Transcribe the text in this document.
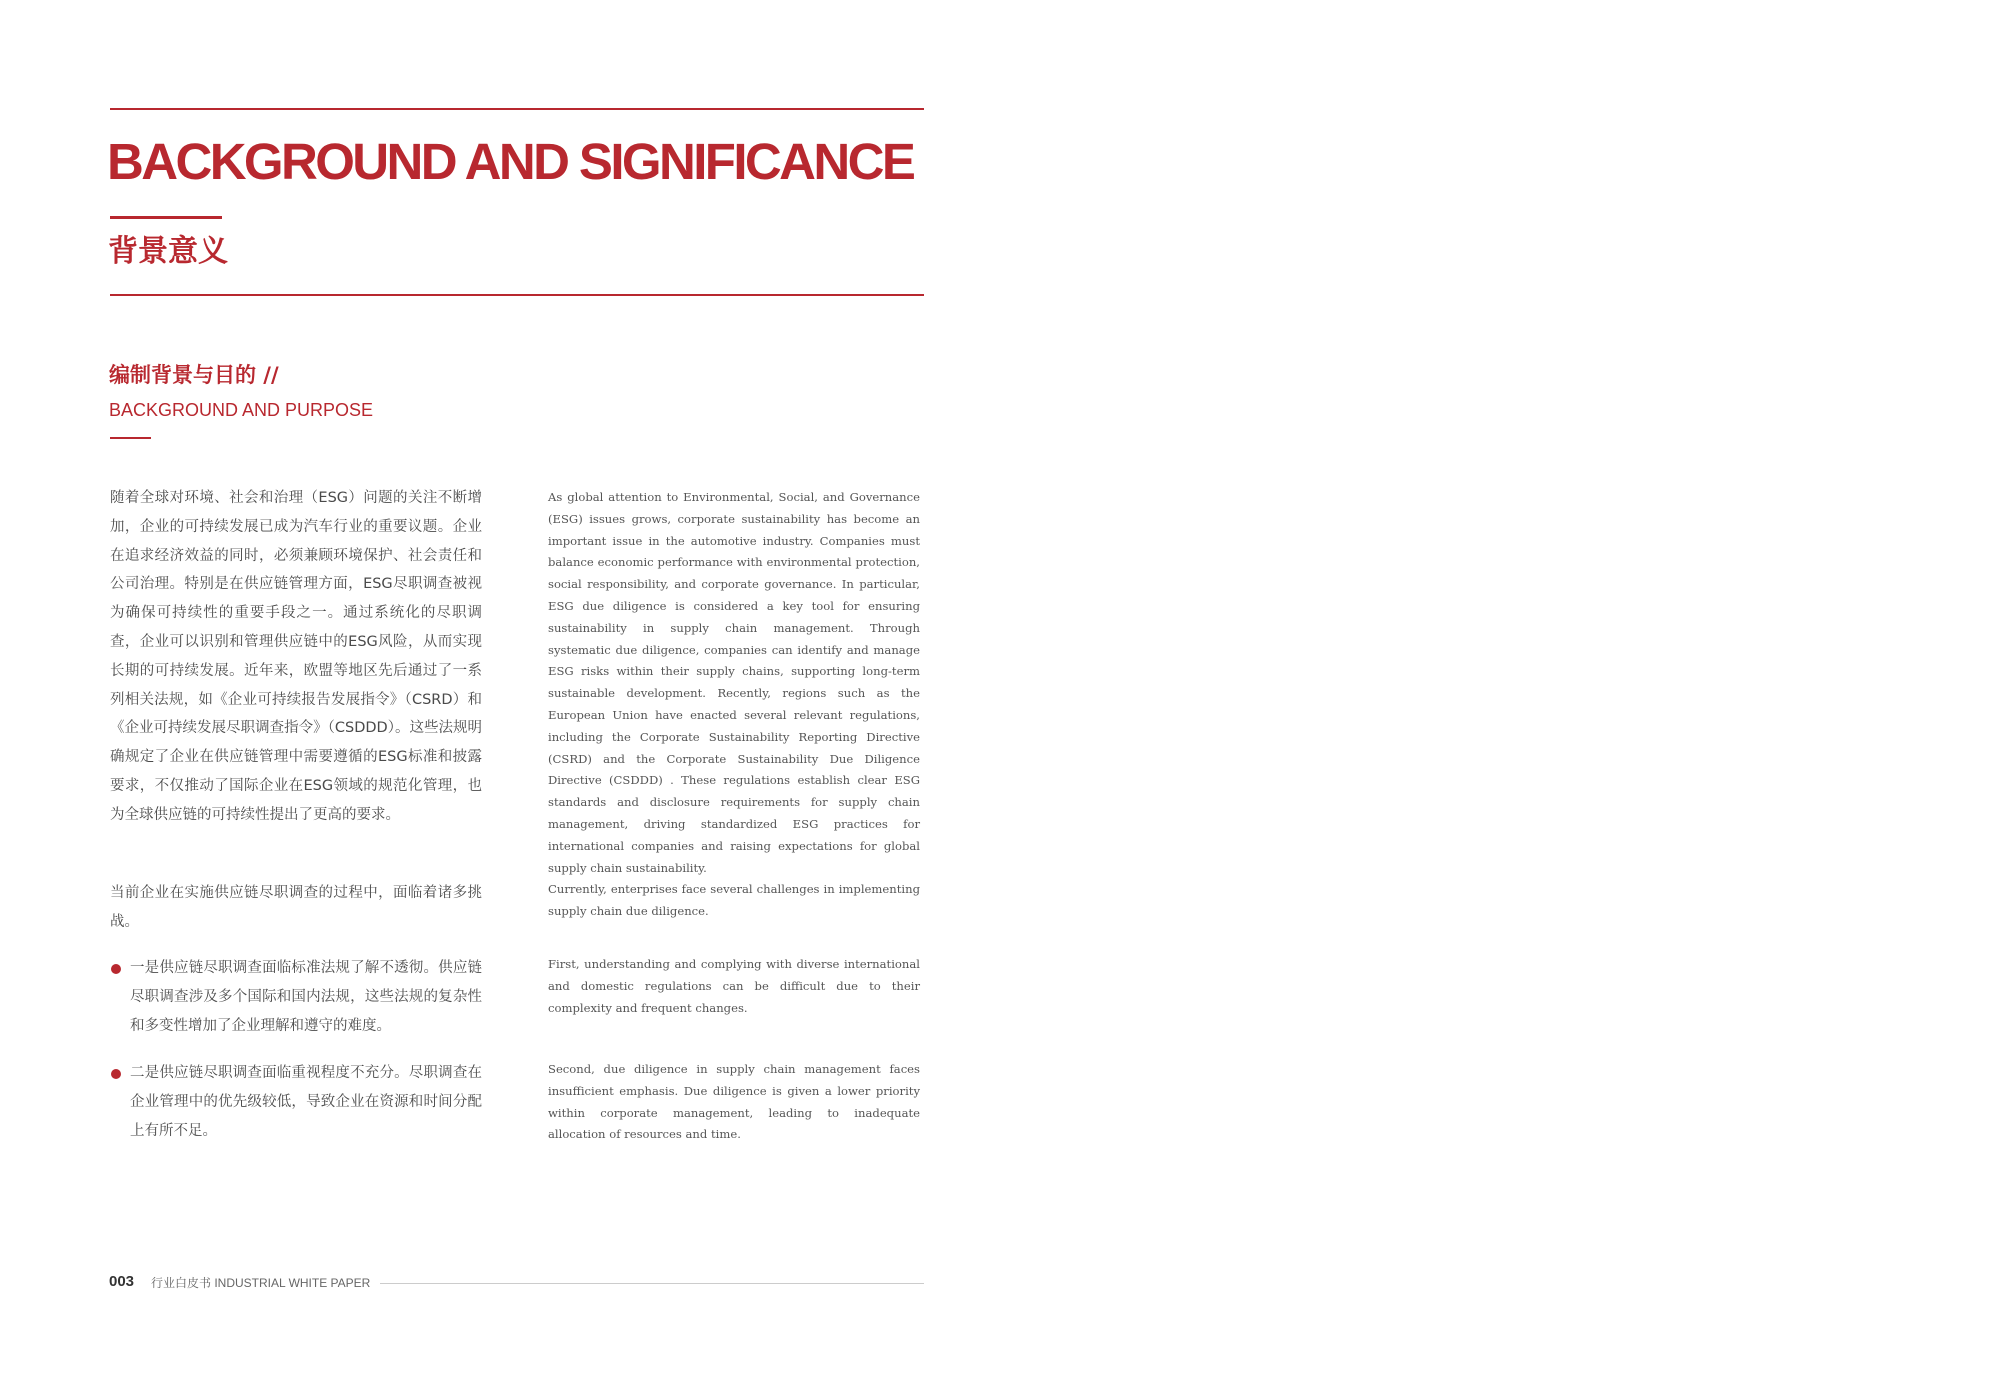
BACKGROUND AND SIGNIFICANCE
背景意义
编制背景与目的 //
BACKGROUND AND PURPOSE

随着全球对环境、社会和治理（ESG）问题的关注不断增加，企业的可持续发展已成为汽车行业的重要议题。企业在追求经济效益的同时，必须兼顾环境保护、社会责任和公司治理。特别是在供应链管理方面，ESG尽职调查被视为确保可持续性的重要手段之一。通过系统化的尽职调查，企业可以识别和管理供应链中的ESG风险，从而实现长期的可持续发展。近年来，欧盟等地区先后通过了一系列相关法规，如《企业可持续报告发展指令》（CSRD）和《企业可持续发展尽职调查指令》（CSDDD）。这些法规明确规定了企业在供应链管理中需要遵循的ESG标准和披露要求，不仅推动了国际企业在ESG领域的规范化管理，也为全球供应链的可持续性提出了更高的要求。

As global attention to Environmental, Social, and Governance (ESG) issues grows, corporate sustainability has become an important issue in the automotive industry. Companies must balance economic performance with environmental protection, social responsibility, and corporate governance. In particular, ESG due diligence is considered a key tool for ensuring sustainability in supply chain management. Through systematic due diligence, companies can identify and manage ESG risks within their supply chains, supporting long-term sustainable development. Recently, regions such as the European Union have enacted several relevant regulations, including the Corporate Sustainability Reporting Directive (CSRD) and the Corporate Sustainability Due Diligence Directive (CSDDD) . These regulations establish clear ESG standards and disclosure requirements for supply chain management, driving standardized ESG practices for international companies and raising expectations for global supply chain sustainability.

当前企业在实施供应链尽职调查的过程中，面临着诸多挑战。

Currently, enterprises face several challenges in implementing supply chain due diligence.

一是供应链尽职调查面临标准法规了解不透彻。供应链尽职调查涉及多个国际和国内法规，这些法规的复杂性和多变性增加了企业理解和遵守的难度。

First, understanding and complying with diverse international and domestic regulations can be difficult due to their complexity and frequent changes.

二是供应链尽职调查面临重视程度不充分。尽职调查在企业管理中的优先级较低，导致企业在资源和时间分配上有所不足。

Second, due diligence in supply chain management faces insufficient emphasis. Due diligence is given a lower priority within corporate management, leading to inadequate allocation of resources and time.

003 行业白皮书 INDUSTRIAL WHITE PAPER
